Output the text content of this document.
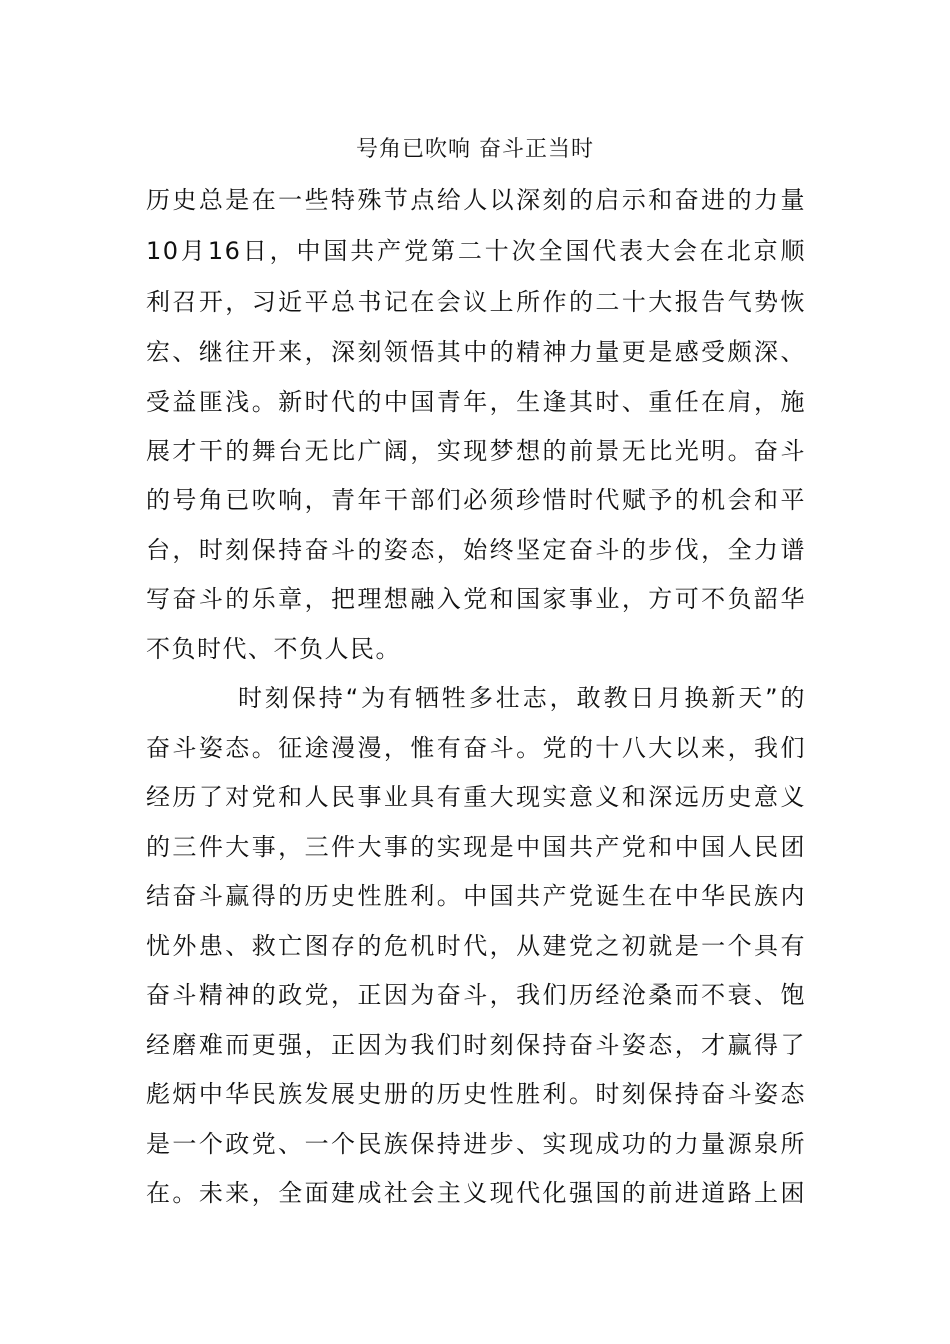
号角已吹响 奋斗正当时
历史总是在一些特殊节点给人以深刻的启示和奋进的力量
10月16日，中国共产党第二十次全国代表大会在北京顺
利召开，习近平总书记在会议上所作的二十大报告气势恢
宏、继往开来，深刻领悟其中的精神力量更是感受颇深、
受益匪浅。新时代的中国青年，生逢其时、重任在肩，施
展才干的舞台无比广阔，实现梦想的前景无比光明。奋斗
的号角已吹响，青年干部们必须珍惜时代赋予的机会和平
台，时刻保持奋斗的姿态，始终坚定奋斗的步伐，全力谱
写奋斗的乐章，把理想融入党和国家事业，方可不负韶华
不负时代、不负人民。
时刻保持“为有牺牲多壮志，敢教日月换新天”的
奋斗姿态。征途漫漫，惟有奋斗。党的十八大以来，我们
经历了对党和人民事业具有重大现实意义和深远历史意义
的三件大事，三件大事的实现是中国共产党和中国人民团
结奋斗赢得的历史性胜利。中国共产党诞生在中华民族内
忧外患、救亡图存的危机时代，从建党之初就是一个具有
奋斗精神的政党，正因为奋斗，我们历经沧桑而不衰、饱
经磨难而更强，正因为我们时刻保持奋斗姿态，才赢得了
彪炳中华民族发展史册的历史性胜利。时刻保持奋斗姿态
是一个政党、一个民族保持进步、实现成功的力量源泉所
在。未来，全面建成社会主义现代化强国的前进道路上困
